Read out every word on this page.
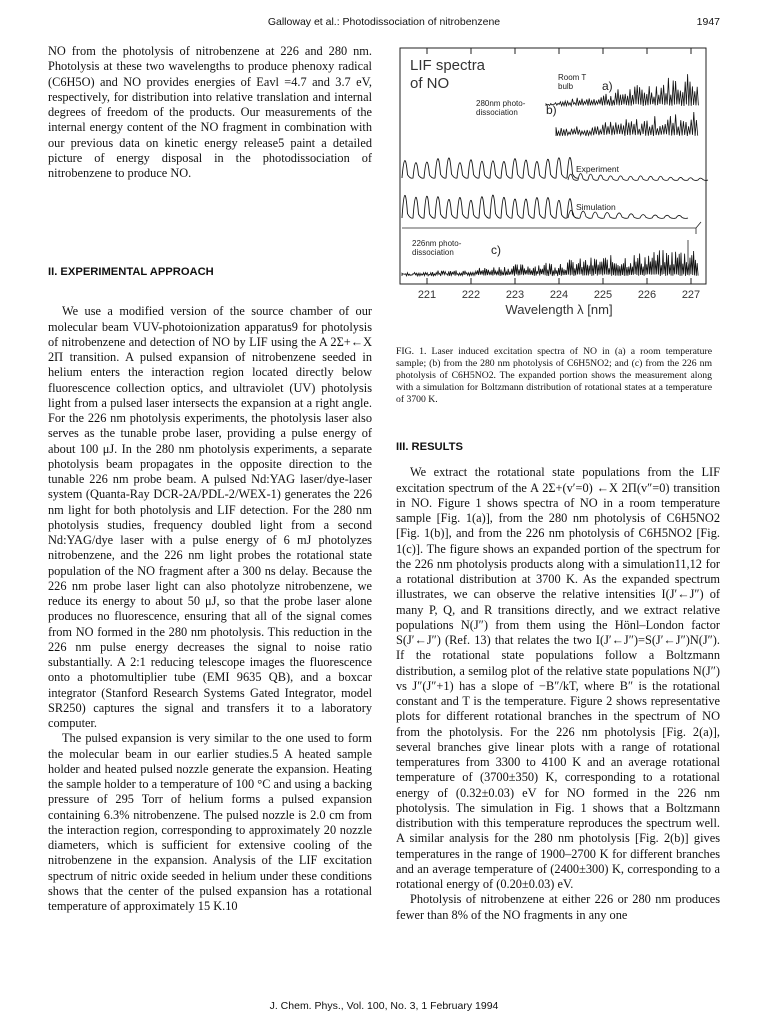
Galloway et al.: Photodissociation of nitrobenzene	1947

NO from the photolysis of nitrobenzene at 226 and 280 nm. Photolysis at these two wavelengths to produce phenoxy radical (C6H5O) and NO provides energies of Eavl =4.7 and 3.7 eV, respectively, for distribution into relative translation and internal degrees of freedom of the products. Our measurements of the internal energy content of the NO fragment in combination with our previous data on kinetic energy release5 paint a detailed picture of energy disposal in the photodissociation of nitrobenzene to produce NO.

II. EXPERIMENTAL APPROACH

We use a modified version of the source chamber of our molecular beam VUV-photoionization apparatus9 for photolysis of nitrobenzene and detection of NO by LIF using the A 2Σ+←X 2Π transition. A pulsed expansion of nitrobenzene seeded in helium enters the interaction region located directly below fluorescence collection optics, and ultraviolet (UV) photolysis light from a pulsed laser intersects the expansion at a right angle. For the 226 nm photolysis experiments, the photolysis laser also serves as the tunable probe laser, providing a pulse energy of about 100 μJ. In the 280 nm photolysis experiments, a separate photolysis beam propagates in the opposite direction to the tunable 226 nm probe beam. A pulsed Nd:YAG laser/dye-laser system (Quanta-Ray DCR-2A/PDL-2/WEX-1) generates the 226 nm light for both photolysis and LIF detection. For the 280 nm photolysis studies, frequency doubled light from a second Nd:YAG/dye laser with a pulse energy of 6 mJ photolyzes nitrobenzene, and the 226 nm light probes the rotational state population of the NO fragment after a 300 ns delay. Because the 226 nm probe laser light can also photolyze nitrobenzene, we reduce its energy to about 50 μJ, so that the probe laser alone produces no fluorescence, ensuring that all of the signal comes from NO formed in the 280 nm photolysis. This reduction in the 226 nm pulse energy decreases the signal to noise ratio substantially. A 2:1 reducing telescope images the fluorescence onto a photomultiplier tube (EMI 9635 QB), and a boxcar integrator (Stanford Research Systems Gated Integrator, model SR250) captures the signal and transfers it to a laboratory computer.

The pulsed expansion is very similar to the one used to form the molecular beam in our earlier studies.5 A heated sample holder and heated pulsed nozzle generate the expansion. Heating the sample holder to a temperature of 100 °C and using a backing pressure of 295 Torr of helium forms a pulsed expansion containing 6.3% nitrobenzene. The pulsed nozzle is 2.0 cm from the interaction region, corresponding to approximately 20 nozzle diameters, which is sufficient for extensive cooling of the nitrobenzene in the expansion. Analysis of the LIF excitation spectrum of nitric oxide seeded in helium under these conditions shows that the center of the pulsed expansion has a rotational temperature of approximately 15 K.10

LIF spectra
of NO	Room T
bulb a)
280nm photo-
dissociation b)
Experiment
Simulation
226nm photo-
dissociation	c)
221 222 223 224 225 226 227
Wavelength λ [nm]
FIG. 1. Laser induced excitation spectra of NO in (a) a room temperature sample; (b) from the 280 nm photolysis of C6H5NO2; and (c) from the 226 nm photolysis of C6H5NO2. The expanded portion shows the measurement along with a simulation for Boltzmann distribution of rotational states at a temperature of 3700 K.

III. RESULTS

We extract the rotational state populations from the LIF excitation spectrum of the A 2Σ+(v′=0) ←X 2Π(v″=0) transition in NO. Figure 1 shows spectra of NO in a room temperature sample [Fig. 1(a)], from the 280 nm photolysis of C6H5NO2 [Fig. 1(b)], and from the 226 nm photolysis of C6H5NO2 [Fig. 1(c)]. The figure shows an expanded portion of the spectrum for the 226 nm photolysis products along with a simulation11,12 for a rotational distribution at 3700 K. As the expanded spectrum illustrates, we can observe the relative intensities I(J′←J″) of many P, Q, and R transitions directly, and we extract relative populations N(J″) from them using the Hönl–London factor S(J′←J″) (Ref. 13) that relates the two I(J′←J″)=S(J′←J″)N(J″). If the rotational state populations follow a Boltzmann distribution, a semilog plot of the relative state populations N(J″) vs J″(J″+1) has a slope of −B″/kT, where B″ is the rotational constant and T is the temperature. Figure 2 shows representative plots for different rotational branches in the spectrum of NO from the photolysis. For the 226 nm photolysis [Fig. 2(a)], several branches give linear plots with a range of rotational temperatures from 3300 to 4100 K and an average rotational temperature of (3700±350) K, corresponding to a rotational energy of (0.32±0.03) eV for NO formed in the 226 nm photolysis. The simulation in Fig. 1 shows that a Boltzmann distribution with this temperature reproduces the spectrum well. A similar analysis for the 280 nm photolysis [Fig. 2(b)] gives temperatures in the range of 1900–2700 K for different branches and an average temperature of (2400±300) K, corresponding to a rotational energy of (0.20±0.03) eV.

Photolysis of nitrobenzene at either 226 or 280 nm produces fewer than 8% of the NO fragments in any one

J. Chem. Phys., Vol. 100, No. 3, 1 February 1994
